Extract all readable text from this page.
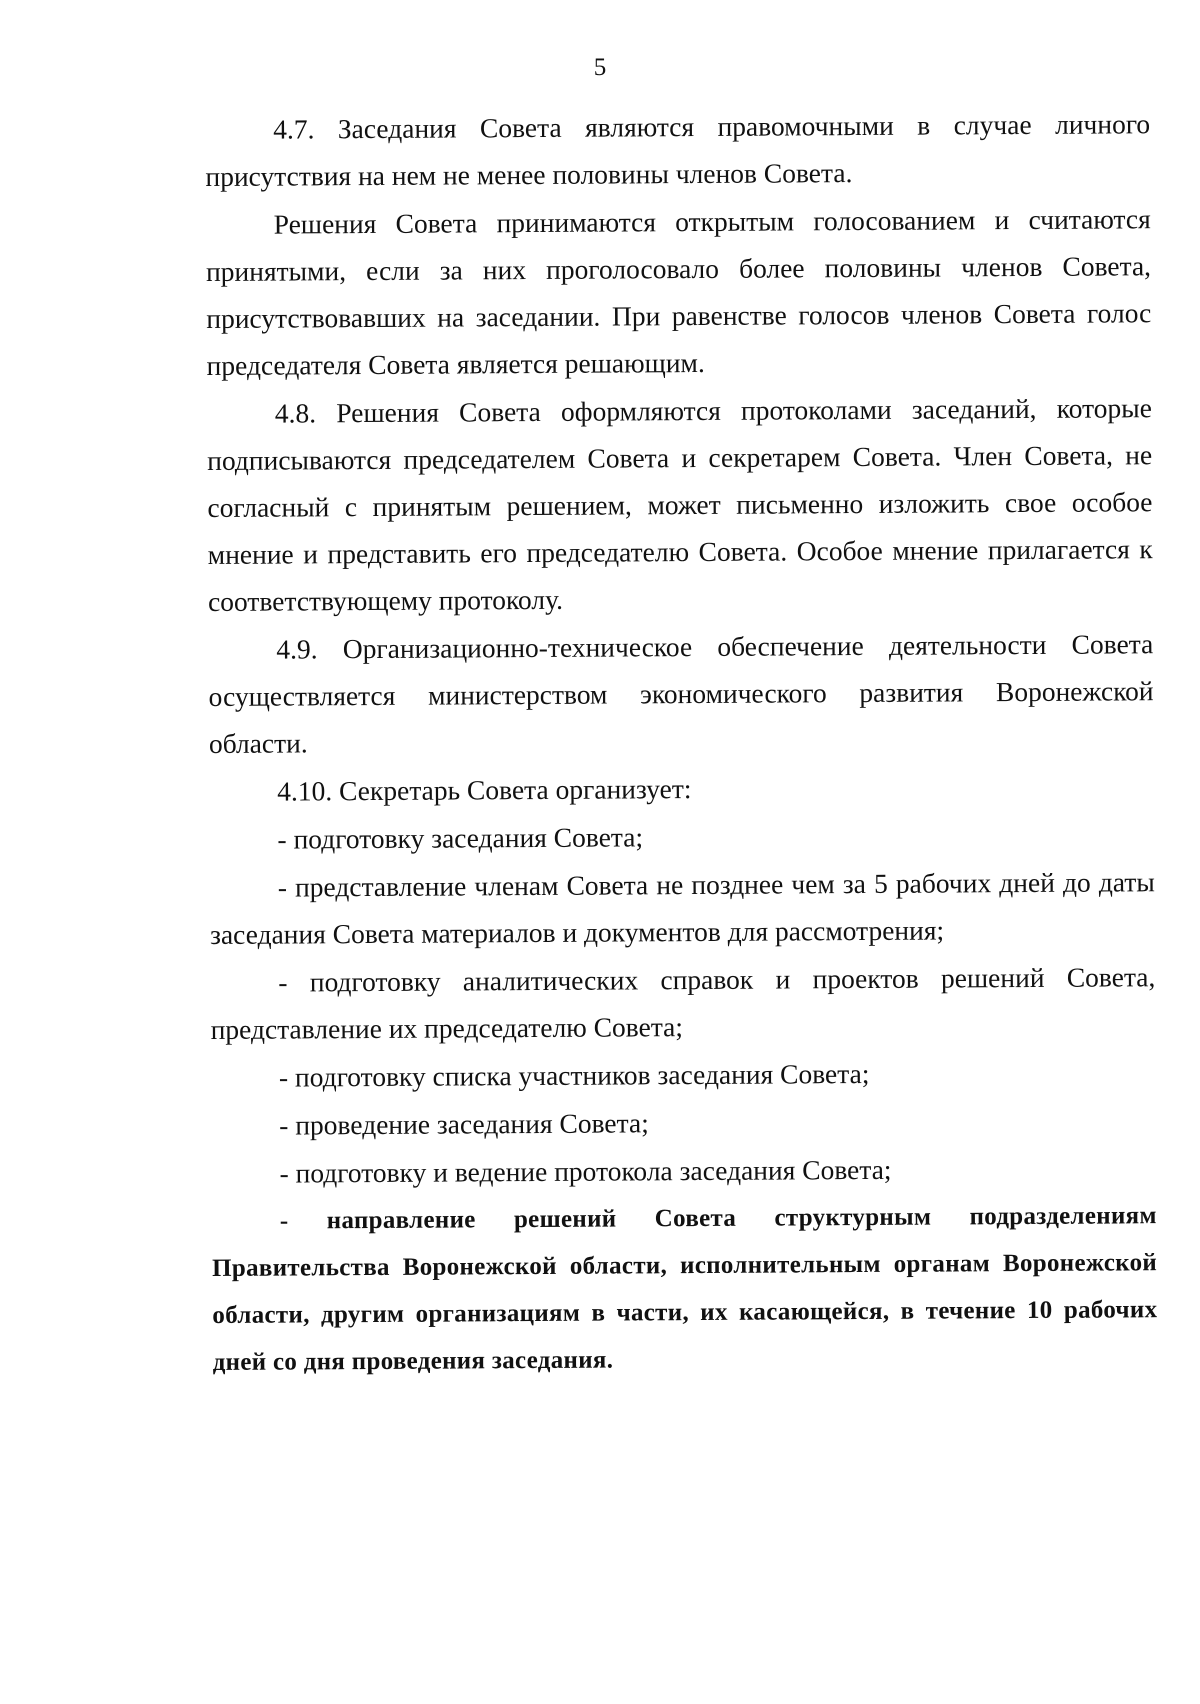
5

4.7. Заседания Совета являются правомочными в случае личного присутствия на нем не менее половины членов Совета.

Решения Совета принимаются открытым голосованием и считаются принятыми, если за них проголосовало более половины членов Совета, присутствовавших на заседании. При равенстве голосов членов Совета голос председателя Совета является решающим.

4.8. Решения Совета оформляются протоколами заседаний, которые подписываются председателем Совета и секретарем Совета. Член Совета, не согласный с принятым решением, может письменно изложить свое особое мнение и представить его председателю Совета. Особое мнение прилагается к соответствующему протоколу.

4.9. Организационно-техническое обеспечение деятельности Совета осуществляется министерством экономического развития Воронежской области.

4.10. Секретарь Совета организует:

- подготовку заседания Совета;

- представление членам Совета не позднее чем за 5 рабочих дней до даты заседания Совета материалов и документов для рассмотрения;

- подготовку аналитических справок и проектов решений Совета, представление их председателю Совета;

- подготовку списка участников заседания Совета;

- проведение заседания Совета;

- подготовку и ведение протокола заседания Совета;

- направление решений Совета структурным подразделениям Правительства Воронежской области, исполнительным органам Воронежской области, другим организациям в части, их касающейся, в течение 10 рабочих дней со дня проведения заседания.
